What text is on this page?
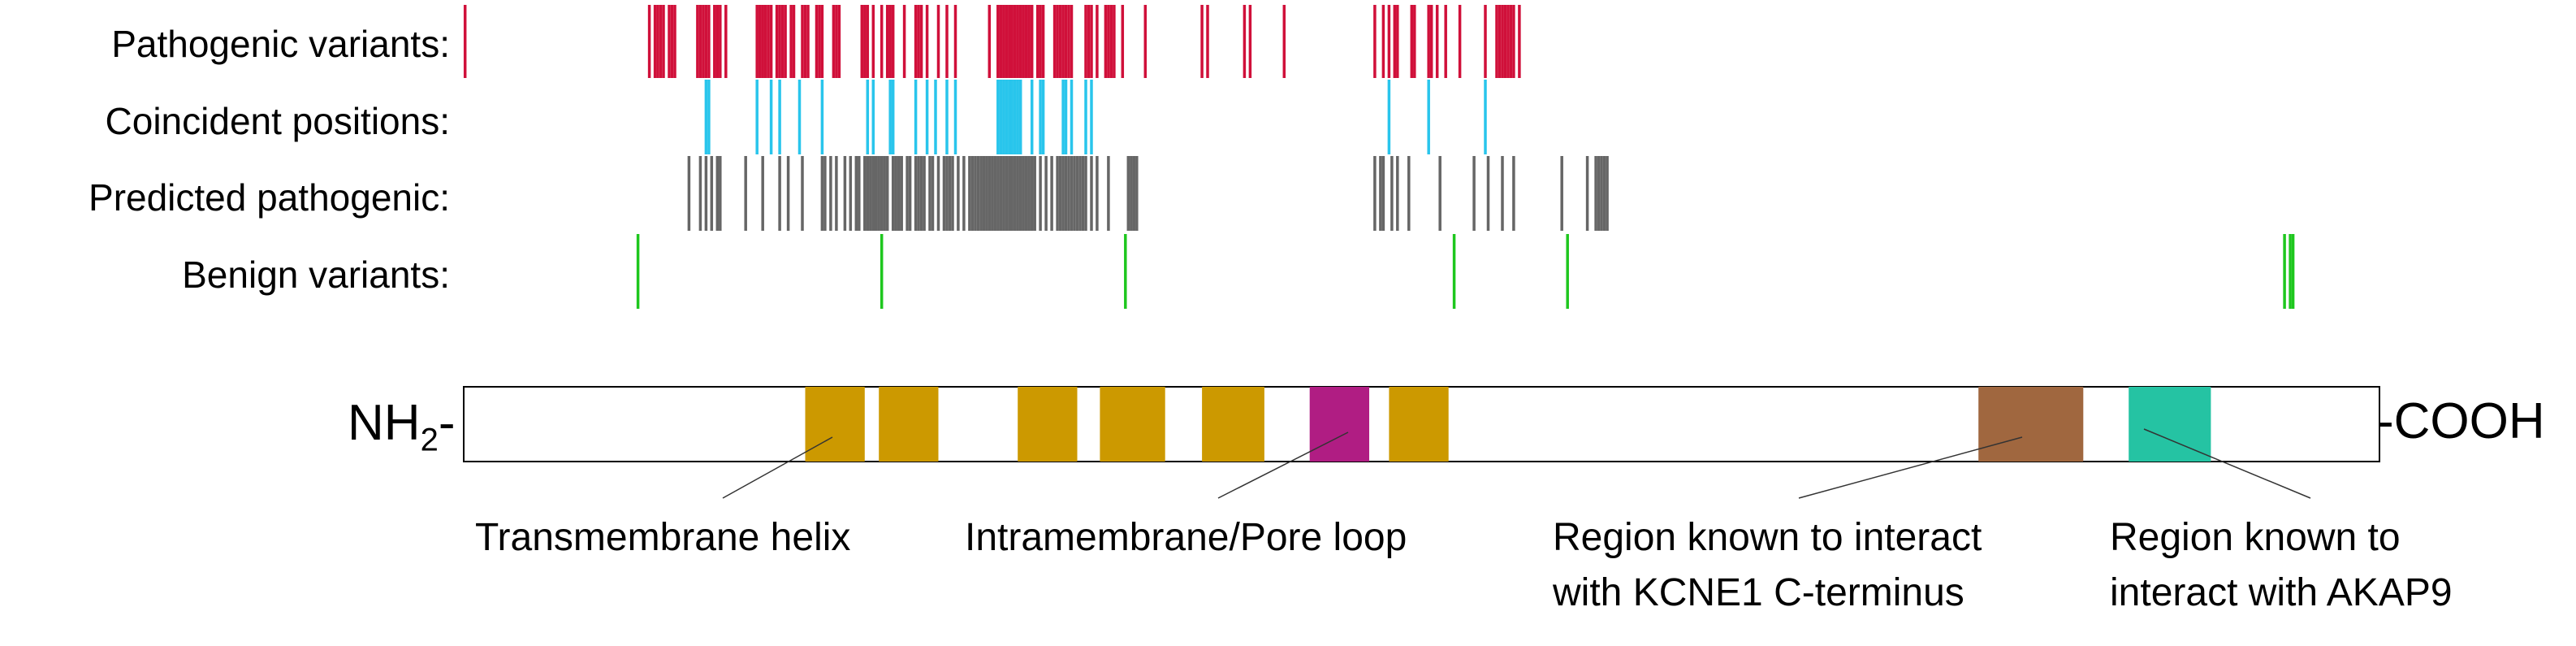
Pathogenic variants:
Coincident positions:
Predicted pathogenic:
Benign variants:
$NH_2-$	-COOH
Transmembrane helix	Intramembrane/Pore loop	Region known to interact
with KCNE1 C-terminus
Region known to
interact with AKAP9
